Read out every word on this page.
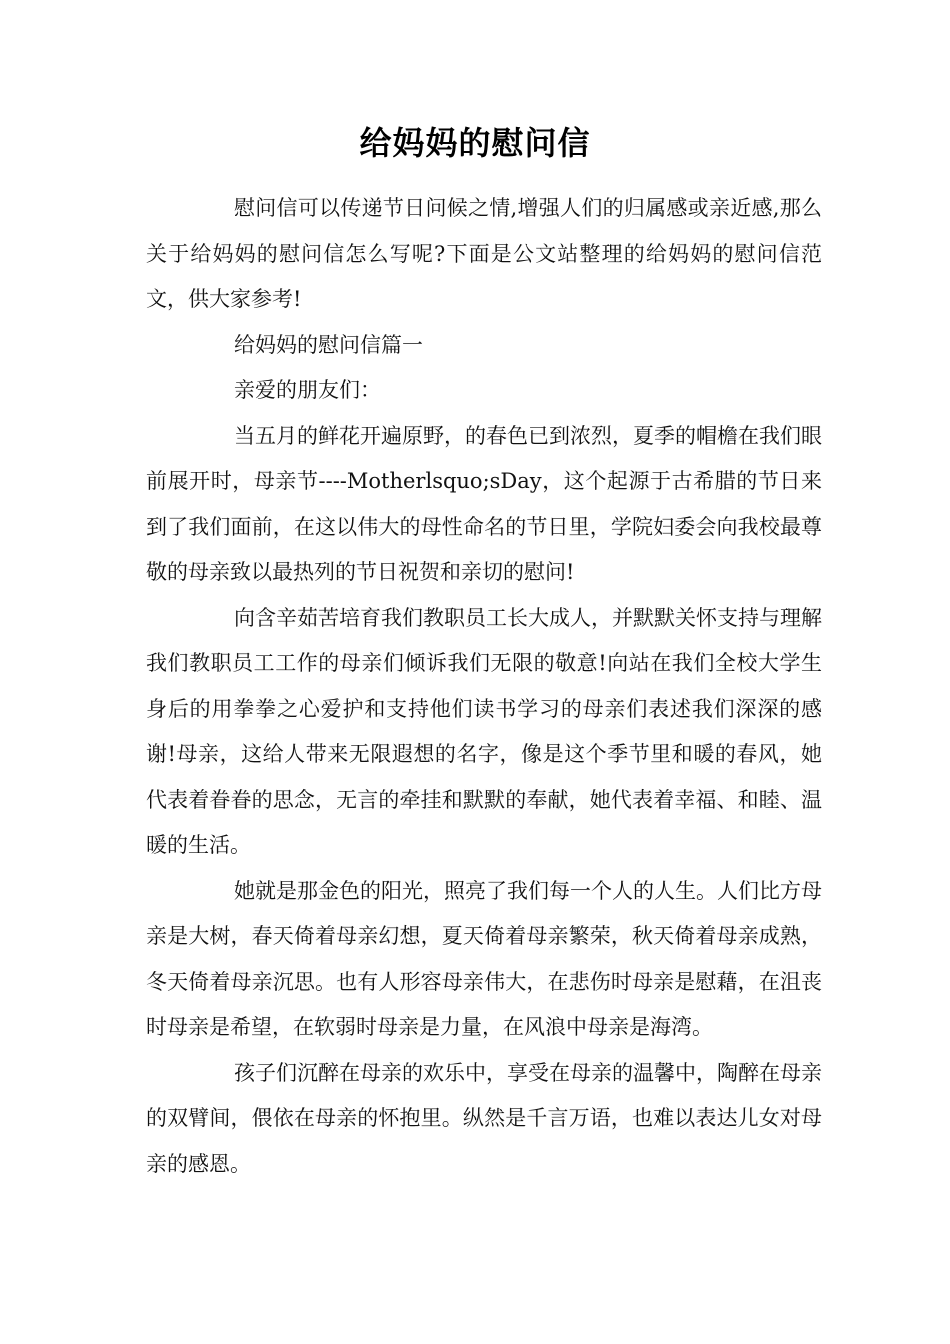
给妈妈的慰问信

慰问信可以传递节日问候之情,增强人们的归属感或亲近感,那么关于给妈妈的慰问信怎么写呢?下面是公文站整理的给妈妈的慰问信范文，供大家参考!

给妈妈的慰问信篇一

亲爱的朋友们：

当五月的鲜花开遍原野，的春色已到浓烈，夏季的帽檐在我们眼前展开时，母亲节----Motherlsquo;sDay，这个起源于古希腊的节日来到了我们面前，在这以伟大的母性命名的节日里，学院妇委会向我校最尊敬的母亲致以最热列的节日祝贺和亲切的慰问!

向含辛茹苦培育我们教职员工长大成人，并默默关怀支持与理解我们教职员工工作的母亲们倾诉我们无限的敬意!向站在我们全校大学生身后的用拳拳之心爱护和支持他们读书学习的母亲们表述我们深深的感谢!母亲，这给人带来无限遐想的名字，像是这个季节里和暖的春风，她代表着眷眷的思念，无言的牵挂和默默的奉献，她代表着幸福、和睦、温暖的生活。

她就是那金色的阳光，照亮了我们每一个人的人生。人们比方母亲是大树，春天倚着母亲幻想，夏天倚着母亲繁荣，秋天倚着母亲成熟，冬天倚着母亲沉思。也有人形容母亲伟大，在悲伤时母亲是慰藉，在沮丧时母亲是希望，在软弱时母亲是力量，在风浪中母亲是海湾。

孩子们沉醉在母亲的欢乐中，享受在母亲的温馨中，陶醉在母亲的双臂间，偎依在母亲的怀抱里。纵然是千言万语，也难以表达儿女对母亲的感恩。
